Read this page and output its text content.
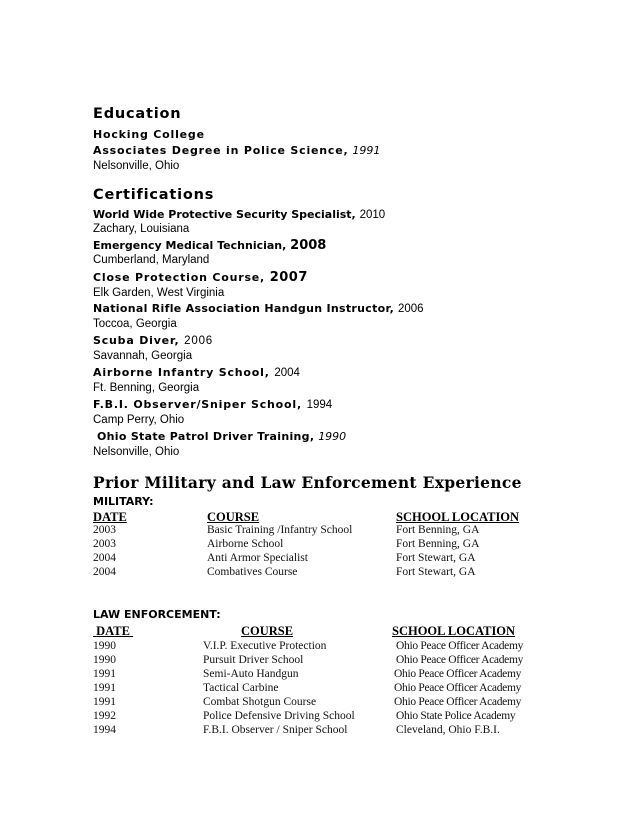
Education
Hocking College
Associates Degree in Police Science, 1991
Nelsonville, Ohio
Certifications
World Wide Protective Security Specialist, 2010
Zachary, Louisiana
Emergency Medical Technician, 2008
Cumberland, Maryland
Close Protection Course, 2007
Elk Garden, West Virginia
National Rifle Association Handgun Instructor, 2006
Toccoa, Georgia
Scuba Diver, 2006
Savannah, Georgia
Airborne Infantry School, 2004
Ft. Benning, Georgia
F.B.I. Observer/Sniper School, 1994
Camp Perry, Ohio
Ohio State Patrol Driver Training, 1990
Nelsonville, Ohio
Prior Military and Law Enforcement Experience
MILITARY:
DATE	COURSE	SCHOOL LOCATION
2003	Basic Training /Infantry School	Fort Benning, GA
2003	Airborne School	Fort Benning, GA
2004	Anti Armor Specialist	Fort Stewart, GA
2004	Combatives Course	Fort Stewart, GA
LAW ENFORCEMENT:
DATE	COURSE	SCHOOL LOCATION
1990	V.I.P. Executive Protection	Ohio Peace Officer Academy
1990	Pursuit Driver School	Ohio Peace Officer Academy
1991	Semi-Auto Handgun	Ohio Peace Officer Academy
1991	Tactical Carbine	Ohio Peace Officer Academy
1991	Combat Shotgun Course	Ohio Peace Officer Academy
1992	Police Defensive Driving School	Ohio State Police Academy
1994	F.B.I. Observer / Sniper School	Cleveland, Ohio F.B.I.
